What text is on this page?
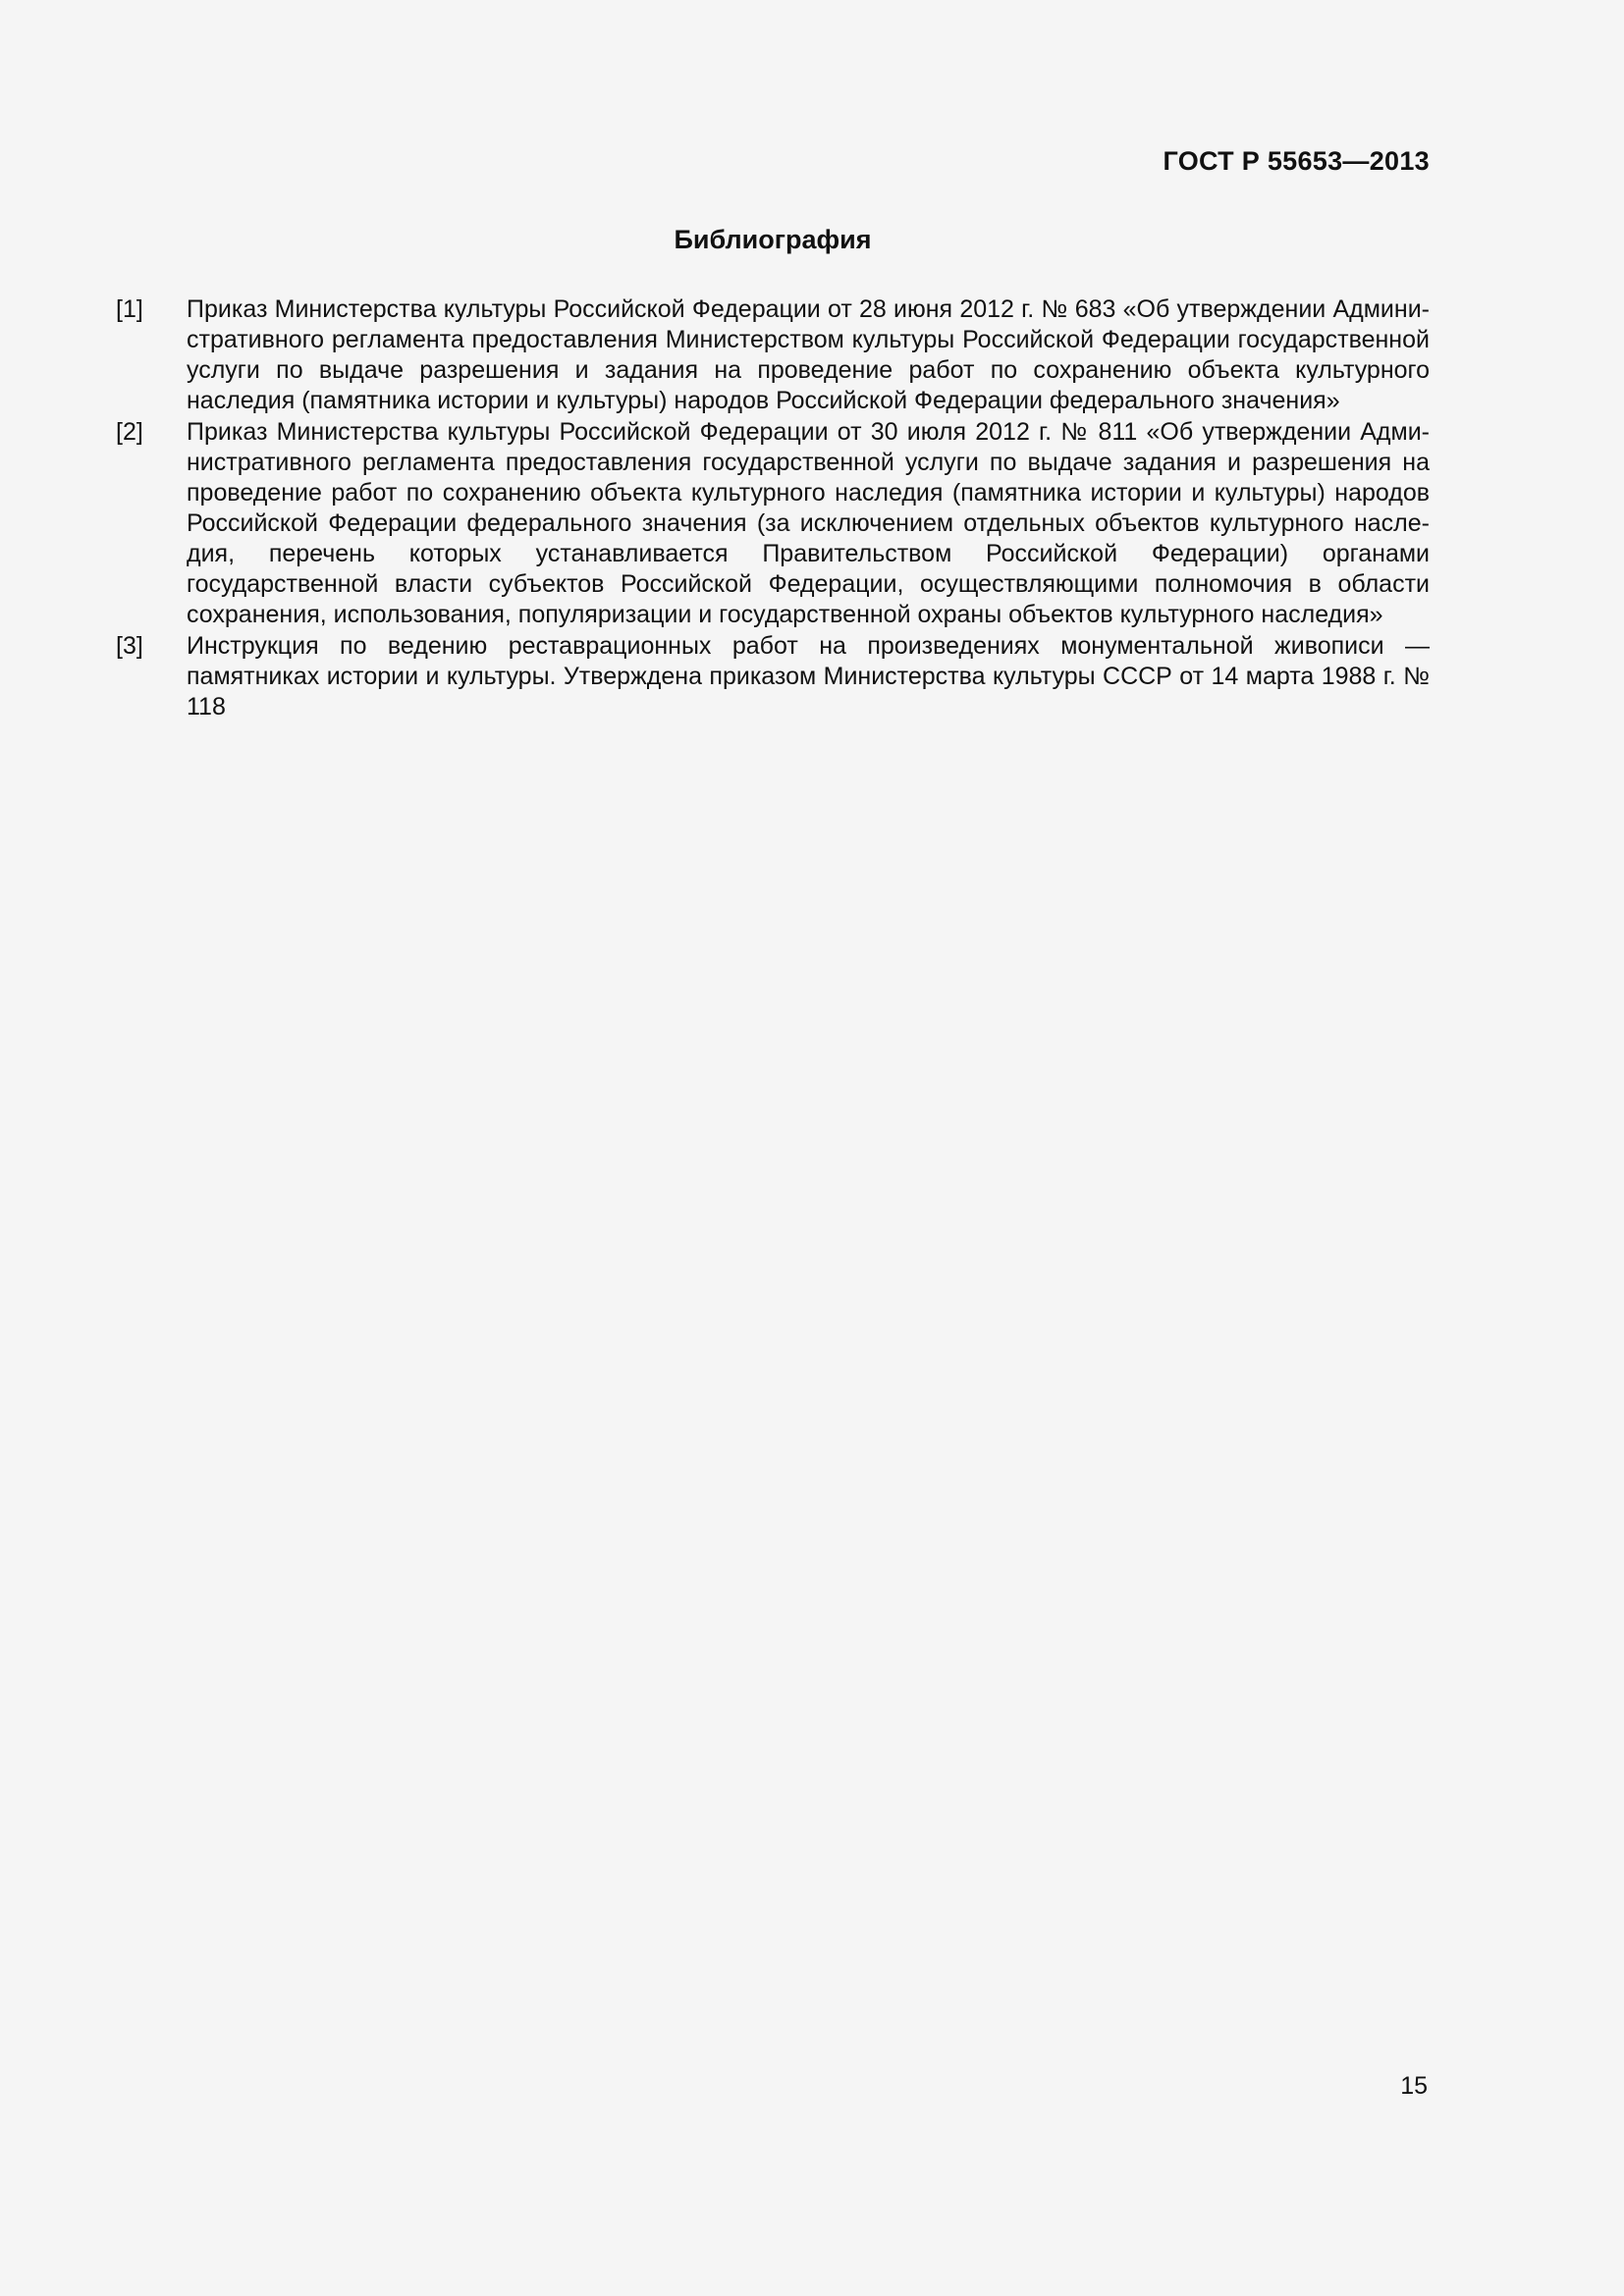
ГОСТ Р 55653—2013
Библиография
[1]	Приказ Министерства культуры Российской Федерации от 28 июня 2012 г. № 683 «Об утверждении Административного регламента предоставления Министерством культуры Российской Федерации государственной услуги по выдаче разрешения и задания на проведение работ по сохранению объекта культурного наследия (памятника истории и культуры) народов Российской Федерации федерального значения»
[2]	Приказ Министерства культуры Российской Федерации от 30 июля 2012 г. № 811 «Об утверждении Административного регламента предоставления государственной услуги по выдаче задания и разрешения на проведение работ по сохранению объекта культурного наследия (памятника истории и культуры) народов Российской Федерации федерального значения (за исключением отдельных объектов культурного наследия, перечень которых устанавливается Правительством Российской Федерации) органами государственной власти субъектов Российской Федерации, осуществляющими полномочия в области сохранения, использования, популяризации и государственной охраны объектов культурного наследия»
[3]	Инструкция по ведению реставрационных работ на произведениях монументальной живописи — памятниках истории и культуры. Утверждена приказом Министерства культуры СССР от 14 марта 1988 г. № 118
15
